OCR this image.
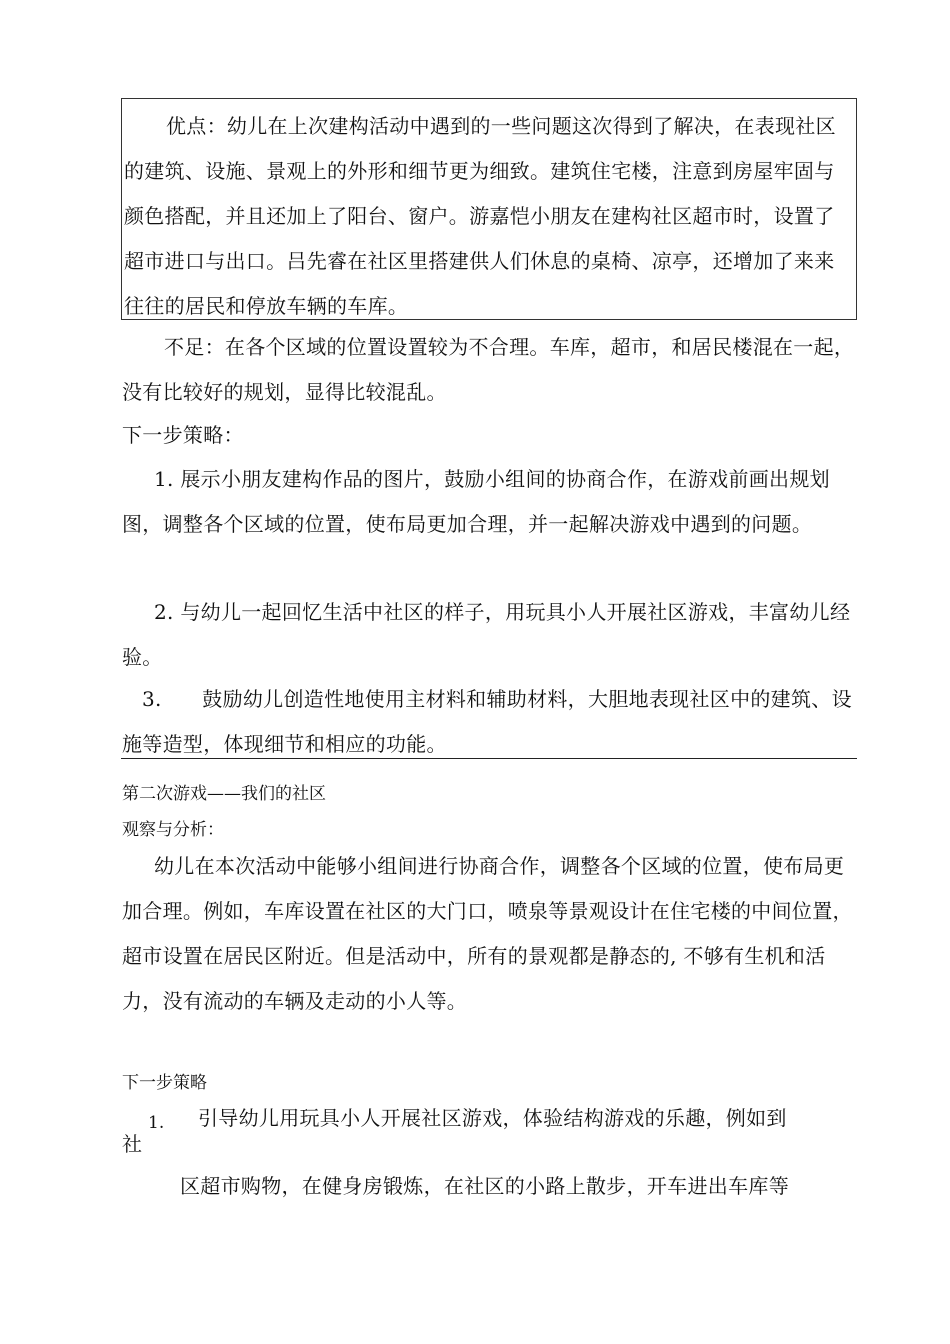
优点：幼儿在上次建构活动中遇到的一些问题这次得到了解决，在表现社区的建筑、设施、景观上的外形和细节更为细致。建筑住宅楼，注意到房屋牢固与颜色搭配，并且还加上了阳台、窗户。游嘉恺小朋友在建构社区超市时，设置了超市进口与出口。吕先睿在社区里搭建供人们休息的桌椅、凉亭，还增加了来来往往的居民和停放车辆的车库。

不足：在各个区域的位置设置较为不合理。车库，超市，和居民楼混在一起，没有比较好的规划，显得比较混乱。

下一步策略：

1. 展示小朋友建构作品的图片，鼓励小组间的协商合作，在游戏前画出规划图，调整各个区域的位置，使布局更加合理，并一起解决游戏中遇到的问题。

2. 与幼儿一起回忆生活中社区的样子，用玩具小人开展社区游戏，丰富幼儿经验。

3.　　鼓励幼儿创造性地使用主材料和辅助材料，大胆地表现社区中的建筑、设施等造型，体现细节和相应的功能。

第二次游戏——我们的社区

观察与分析：

幼儿在本次活动中能够小组间进行协商合作，调整各个区域的位置，使布局更加合理。例如，车库设置在社区的大门口，喷泉等景观设计在住宅楼的中间位置，超市设置在居民区附近。但是活动中，所有的景观都是静态的, 不够有生机和活力，没有流动的车辆及走动的小人等。

下一步策略

1.	引导幼儿用玩具小人开展社区游戏，体验结构游戏的乐趣，例如到

社

区超市购物，在健身房锻炼，在社区的小路上散步，开车进出车库等
